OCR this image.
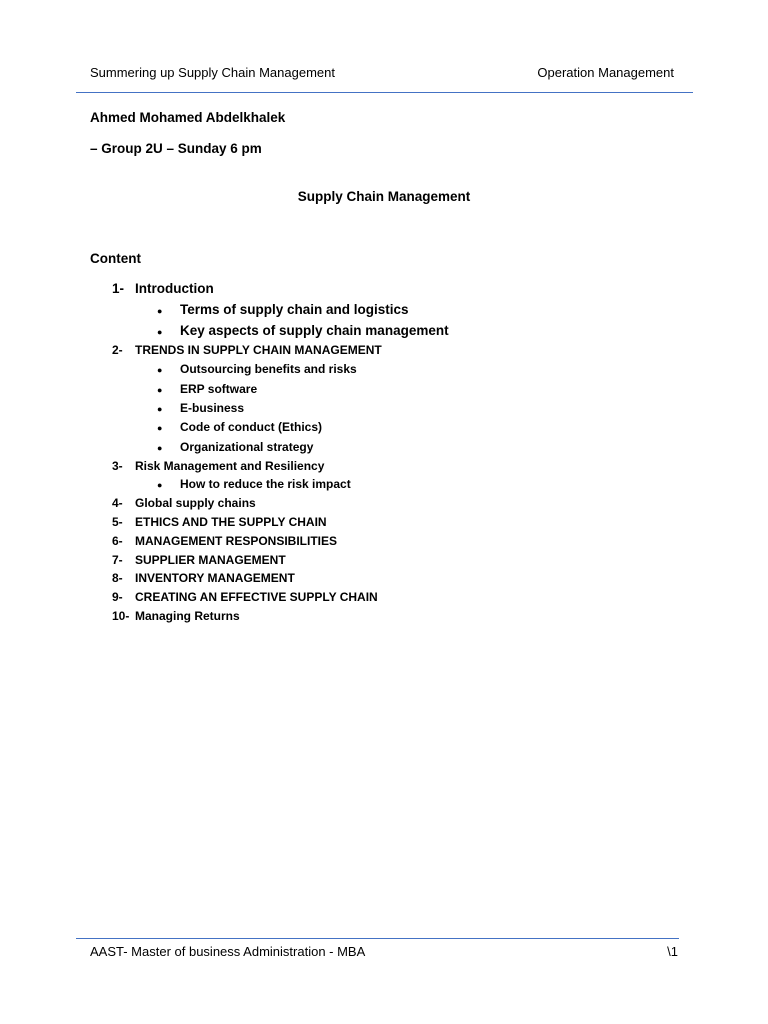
Summering up Supply Chain Management	Operation Management
Ahmed Mohamed Abdelkhalek
– Group 2U – Sunday 6 pm
Supply Chain Management
Content
1- Introduction
● Terms of supply chain and logistics
● Key aspects of supply chain management
2- TRENDS IN SUPPLY CHAIN MANAGEMENT
● Outsourcing benefits and risks
● ERP software
● E-business
● Code of conduct (Ethics)
● Organizational strategy
3- Risk Management and Resiliency
● How to reduce the risk impact
4- Global supply chains
5- ETHICS AND THE SUPPLY CHAIN
6- MANAGEMENT RESPONSIBILITIES
7- SUPPLIER MANAGEMENT
8- INVENTORY MANAGEMENT
9- CREATING AN EFFECTIVE SUPPLY CHAIN
10- Managing Returns
AAST- Master of business Administration - MBA	\1
